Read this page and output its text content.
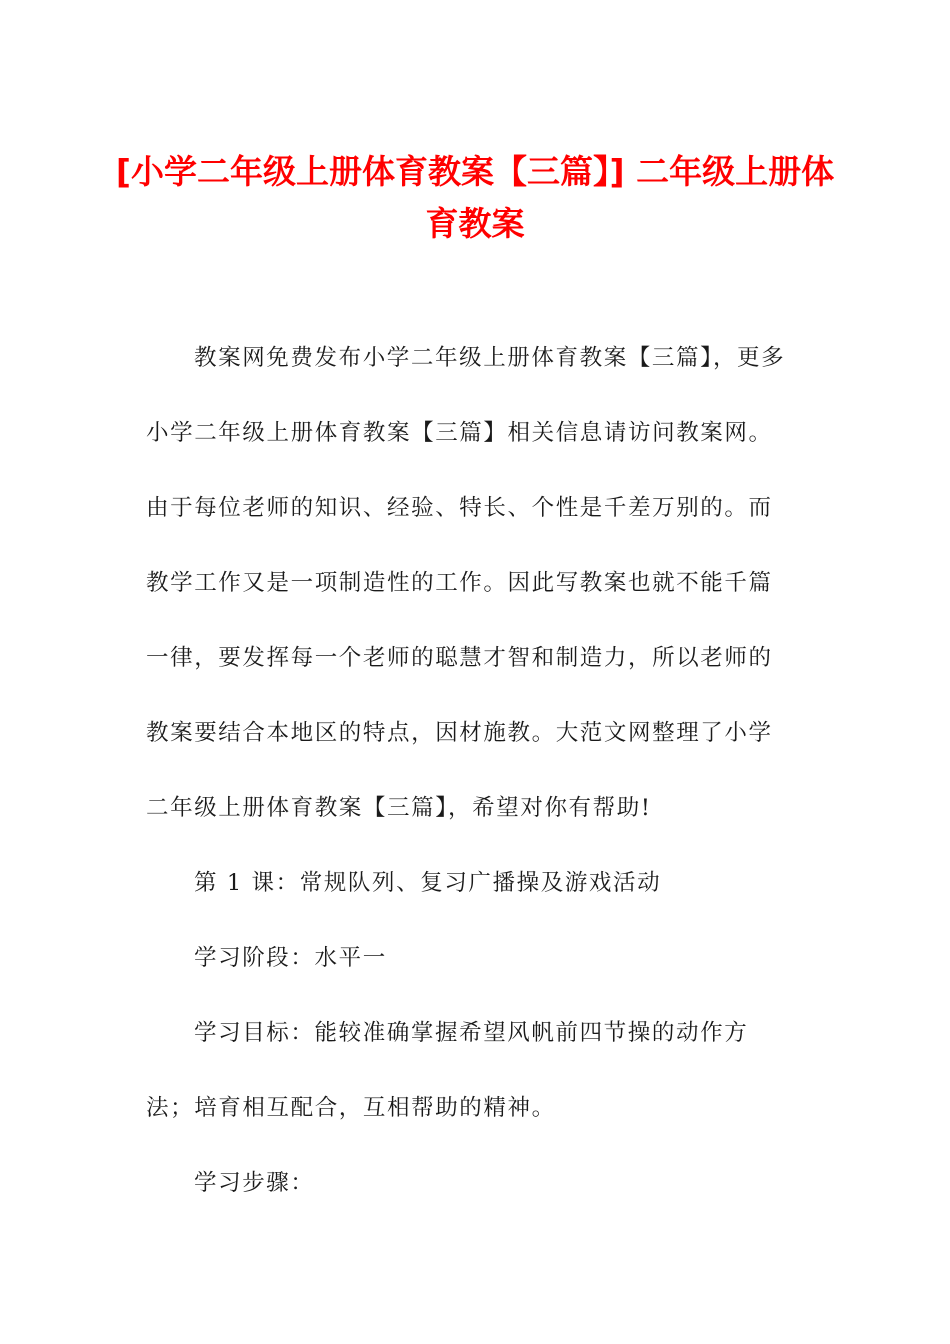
[小学二年级上册体育教案【三篇】] 二年级上册体育教案

教案网免费发布小学二年级上册体育教案【三篇】，更多小学二年级上册体育教案【三篇】相关信息请访问教案网。由于每位老师的知识、经验、特长、个性是千差万别的。而教学工作又是一项制造性的工作。因此写教案也就不能千篇一律，要发挥每一个老师的聪慧才智和制造力，所以老师的教案要结合本地区的特点，因材施教。大范文网整理了小学二年级上册体育教案【三篇】，希望对你有帮助!

第 1 课：常规队列、复习广播操及游戏活动

学习阶段：水平一

学习目标：能较准确掌握希望风帆前四节操的动作方法；培育相互配合，互相帮助的精神。

学习步骤：
